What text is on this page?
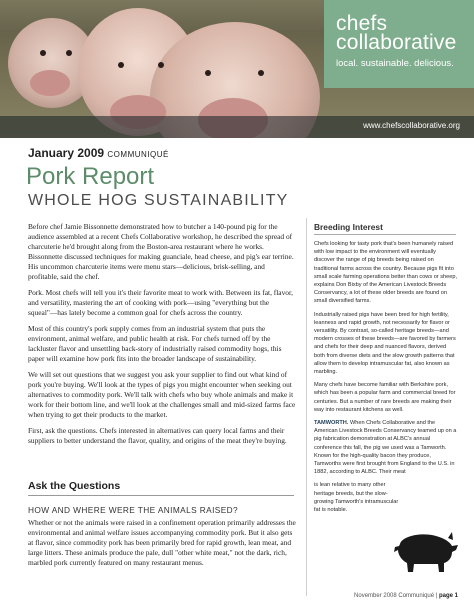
chefs
collaborative
local. sustainable. delicious.
www.chefscollaborative.org
January 2009 COMMUNIQUÉ
Pork Report
WHOLE HOG SUSTAINABILITY

Before chef Jamie Bissonnette demonstrated how to butcher a 140-pound pig for the audience assembled at a recent Chefs Collaborative workshop, he described the spread of charcuterie he'd brought along from the Boston-area restaurant where he works. Bissonnette discussed techniques for making guanciale, head cheese, and pig's ear terrine. His uncommon charcuterie items were menu stars—delicious, brisk-selling, and profitable, said the chef.

Pork. Most chefs will tell you it's their favorite meat to work with. Between its fat, flavor, and versatility, mastering the art of cooking with pork—using "everything but the squeal"—has lately become a common goal for chefs across the country.

Most of this country's pork supply comes from an industrial system that puts the environment, animal welfare, and public health at risk. For chefs turned off by the lackluster flavor and unsettling back-story of industrially raised commodity hogs, this paper will examine how pork fits into the broader landscape of sustainability.

We will set out questions that we suggest you ask your supplier to find out what kind of pork you're buying. We'll look at the types of pigs you might encounter when seeking out alternatives to commodity pork. We'll talk with chefs who buy whole animals and make it work for their bottom line, and we'll look at the challenges small and mid-sized farms face when trying to get their products to the market.

First, ask the questions. Chefs interested in alternatives can query local farms and their suppliers to better understand the flavor, quality, and origins of the meat they're buying.

Ask the Questions
HOW AND WHERE WERE THE ANIMALS RAISED?
Whether or not the animals were raised in a confinement operation primarily addresses the environmental and animal welfare issues accompanying commodity pork. But it also gets at flavor, since commodity pork has been primarily bred for rapid growth, lean meat, and large litters. These animals produce the pale, dull "other white meat," not the dark, rich, marbled pork currently featured on many restaurant menus.
Breeding Interest

Chefs looking for tasty pork that's been humanely raised with low impact to the environment will eventually discover the range of pig breeds being raised on traditional farms across the country. Because pigs fit into small scale farming operations better than cows or sheep, explains Don Bixby of the American Livestock Breeds Conservancy, a lot of these older breeds are found on small diversified farms.

Industrially raised pigs have been bred for high fertility, leanness and rapid growth, not necessarily for flavor or versatility. By contrast, so-called heritage breeds—and modern crosses of these breeds—are favored by farmers and chefs for their deep and nuanced flavors, derived both from diverse diets and the slow growth patterns that allow them to develop intramuscular fat, also known as marbling.

Many chefs have become familiar with Berkshire pork, which has been a popular farm and commercial breed for centuries. But a number of rare breeds are making their way into restaurant kitchens as well.

TAMWORTH. When Chefs Collaborative and the American Livestock Breeds Conservancy teamed up on a pig fabrication demonstration at ALBC's annual conference this fall, the pig we used was a Tamworth. Known for the high-quality bacon they produce, Tamworths were first brought from England to the U.S. in 1882, according to ALBC. Their meat

is lean relative to many other heritage breeds, but the slow-growing Tamworth's intramuscular fat is notable.

November 2008 Communiqué | page 1
